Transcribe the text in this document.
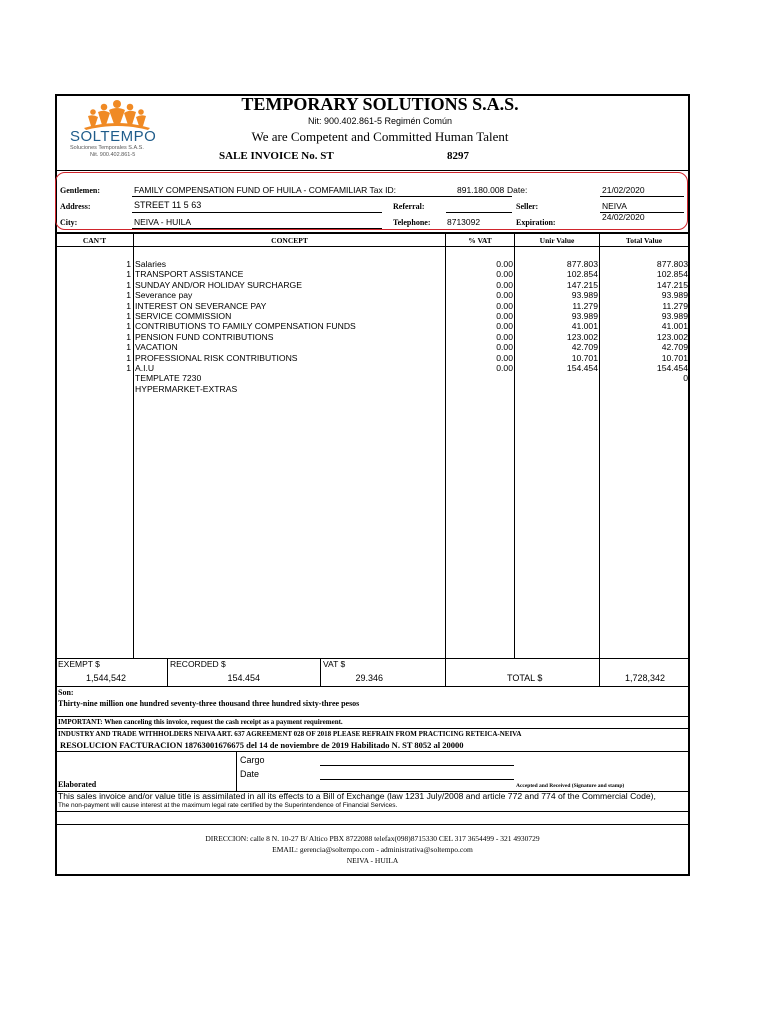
SOLTEMPO
Soluciones Temporales S.A.S.
Nit. 900.402.861-5
TEMPORARY SOLUTIONS S.A.S.
Nit: 900.402.861-5 Regimén Común
We are Competent and Committed Human Talent
SALE INVOICE No. ST	8297
Gentlemen:	FAMILY COMPENSATION FUND OF HUILA - COMFAMILIAR Tax ID:	891.180.008 Date:	21/02/2020
Address:	STREET 11 5 63	Referral:	Seller:	NEIVA
City:	NEIVA - HUILA	Telephone: 8713092	Expiration:
24/02/2020
CAN'T	CONCEPT	% VAT	Unir Value	Total Value
1 Salaries	0.00	877.803	877.803
1 TRANSPORT ASSISTANCE	0.00	102.854	102.854
1 SUNDAY AND/OR HOLIDAY SURCHARGE	0.00	147.215	147.215
1 Severance pay	0.00	93.989	93.989
1 INTEREST ON SEVERANCE PAY	0.00	11.279	11.279
1 SERVICE COMMISSION	0.00	93.989	93.989
1 CONTRIBUTIONS TO FAMILY COMPENSATION FUNDS	0.00	41.001	41.001
1 PENSION FUND CONTRIBUTIONS	0.00	123.002	123.002
1 VACATION	0.00	42.709	42.709
1 PROFESSIONAL RISK CONTRIBUTIONS	0.00	10.701	10.701
1 A.I.U	0.00	154.454	154.454
TEMPLATE 7230	0
HYPERMARKET-EXTRAS
EXEMPT $
1,544,542
RECORDED $
154.454
VAT $
29.346	TOTAL $	1,728,342
Son:
Thirty-nine million one hundred seventy-three thousand three hundred sixty-three pesos
IMPORTANT: When canceling this invoice, request the cash receipt as a payment requirement.
INDUSTRY AND TRADE WITHHOLDERS NEIVA ART. 637 AGREEMENT 028 OF 2018 PLEASE REFRAIN FROM PRACTICING RETEICA-NEIVA
RESOLUCION FACTURACION 18763001676675 del 14 de noviembre de 2019 Habilitado N. ST 8052 al 20000
Cargo
Date
Elaborated	Accepted and Received (Signature and stamp)
This sales invoice and/or value title is assimilated in all its effects to a Bill of Exchange (law 1231 July/2008 and article 772 and 774 of the Commercial Code),
The non-payment will cause interest at the maximum legal rate certified by the Superintendence of Financial Services.
DIRECCION: calle 8 N. 10-27 B/ Altico PBX 8722088 telefax(098)8715330 CEL 317 3654499 - 321 4930729
EMAIL: gerencia@soltempo.com - administrativa@soltempo.com
NEIVA - HUILA
